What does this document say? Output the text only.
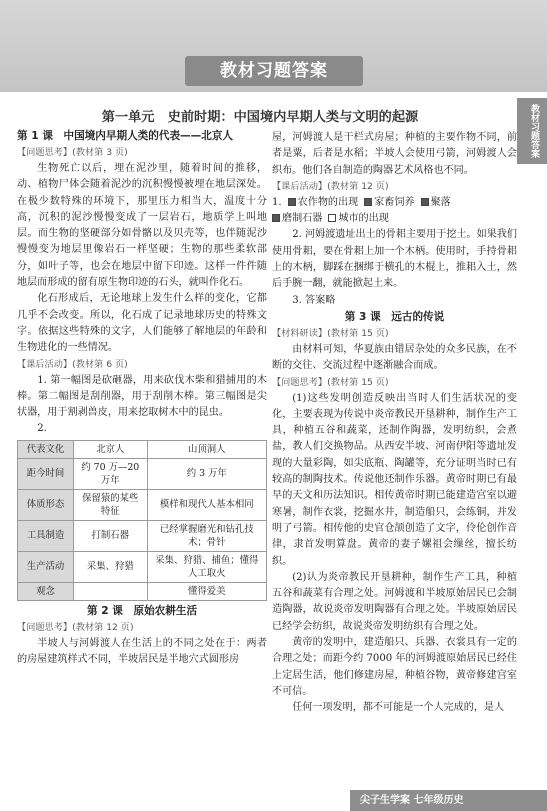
教材习题答案
教材习题答案
第一单元　史前时期：中国境内早期人类与文明的起源
第 1 课　中国境内早期人类的代表——北京人
【问题思考】(教材第 3 页)
生物死亡以后，埋在泥沙里，随着时间的推移，动、植物尸体会随着泥沙的沉积慢慢被埋在地层深处。在极少数特殊的环境下，那里压力相当大，温度十分高，沉积的泥沙慢慢变成了一层岩石，地质学上叫地层。而生物的坚硬部分如骨骼以及贝壳等，也伴随泥沙慢慢变为地层里像岩石一样坚硬；生物的那些柔软部分，如叶子等，也会在地层中留下印迹。这样一件件随地层而形成的留有原生物印迹的石头，就叫作化石。
化石形成后，无论地球上发生什么样的变化，它都几乎不会改变。所以，化石成了记录地球历史的特殊文字。依据这些特殊的文字，人们能够了解地层的年龄和生物进化的一些情况。
【课后活动】(教材第 6 页)
1. 第一幅图是砍砸器，用来砍伐木柴和猎捕用的木棒。第二幅图是刮削器，用于刮削木棒。第三幅图是尖状器，用于割剥兽皮，用来挖取树木中的昆虫。
2.
代表文化	北京人	山顶洞人
距今时间	约 70 万—20 万年	约 3 万年
体质形态	保留猿的某些特征	模样和现代人基本相同
工具制造	打制石器	已经掌握磨光和钻孔技术；骨针
生产活动	采集、狩猎	采集、狩猎、捕鱼；懂得人工取火
观念		懂得爱美
第 2 课　原始农耕生活
【问题思考】(教材第 12 页)
半坡人与河姆渡人在生活上的不同之处在于：两者的房屋建筑样式不同，半坡居民是半地穴式圆形房
屋，河姆渡人是干栏式房屋；种植的主要作物不同，前者是粟，后者是水稻；半坡人会使用弓箭，河姆渡人会织布。他们各自制造的陶器艺术风格也不同。
【课后活动】(教材第 12 页)
1.	农作物的出现	家畜饲养	聚落
磨制石器	城市的出现
2. 河姆渡遗址出土的骨耜主要用于挖土。如果我们使用骨耜，要在骨耜上加一个木柄。使用时，手持骨耜上的木柄，脚踩在捆绑于横孔的木棍上，推耜入土，然后手腕一翻，就能掀起土来。
3. 答案略
第 3 课　远古的传说
【材料研读】(教材第 15 页)
由材料可知，华夏族由错居杂处的众多民族，在不断的交往、交流过程中逐渐融合而成。
【问题思考】(教材第 15 页)
(1)这些发明创造反映出当时人们生活状况的变化，主要表现为传说中炎帝教民开垦耕种，制作生产工具，种植五谷和蔬菜，还制作陶器，发明纺织，会煮盐，教人们交换物品。从西安半坡、河南伊阳等遗址发现的大量彩陶，如尖底瓶、陶罐等，充分证明当时已有较高的制陶技术。传说他还制作乐器。黄帝时期已有最早的天文和历法知识。相传黄帝时期已能建造宫室以避寒暑，制作衣裳，挖掘水井，制造船只，会练铜，并发明了弓箭。相传他的史官仓颉创造了文字，伶伦创作音律，隶首发明算盘。黄帝的妻子嫘祖会缫丝，擅长纺织。
(2)认为炎帝教民开垦耕种，制作生产工具，种植五谷和蔬菜有合理之处。河姆渡和半坡原始居民已会制造陶器，故说炎帝发明陶器有合理之处。半坡原始居民已经学会纺织，故说炎帝发明纺织有合理之处。
黄帝的发明中，建造船只、兵器、衣裳具有一定的合理之处；而距今约 7000 年的河姆渡原始居民已经住上定居生活，他们修建房屋，种植谷物，黄帝修建宫室不可信。
任何一项发明，都不可能是一个人完成的，是人
尖子生学案 七年级历史
